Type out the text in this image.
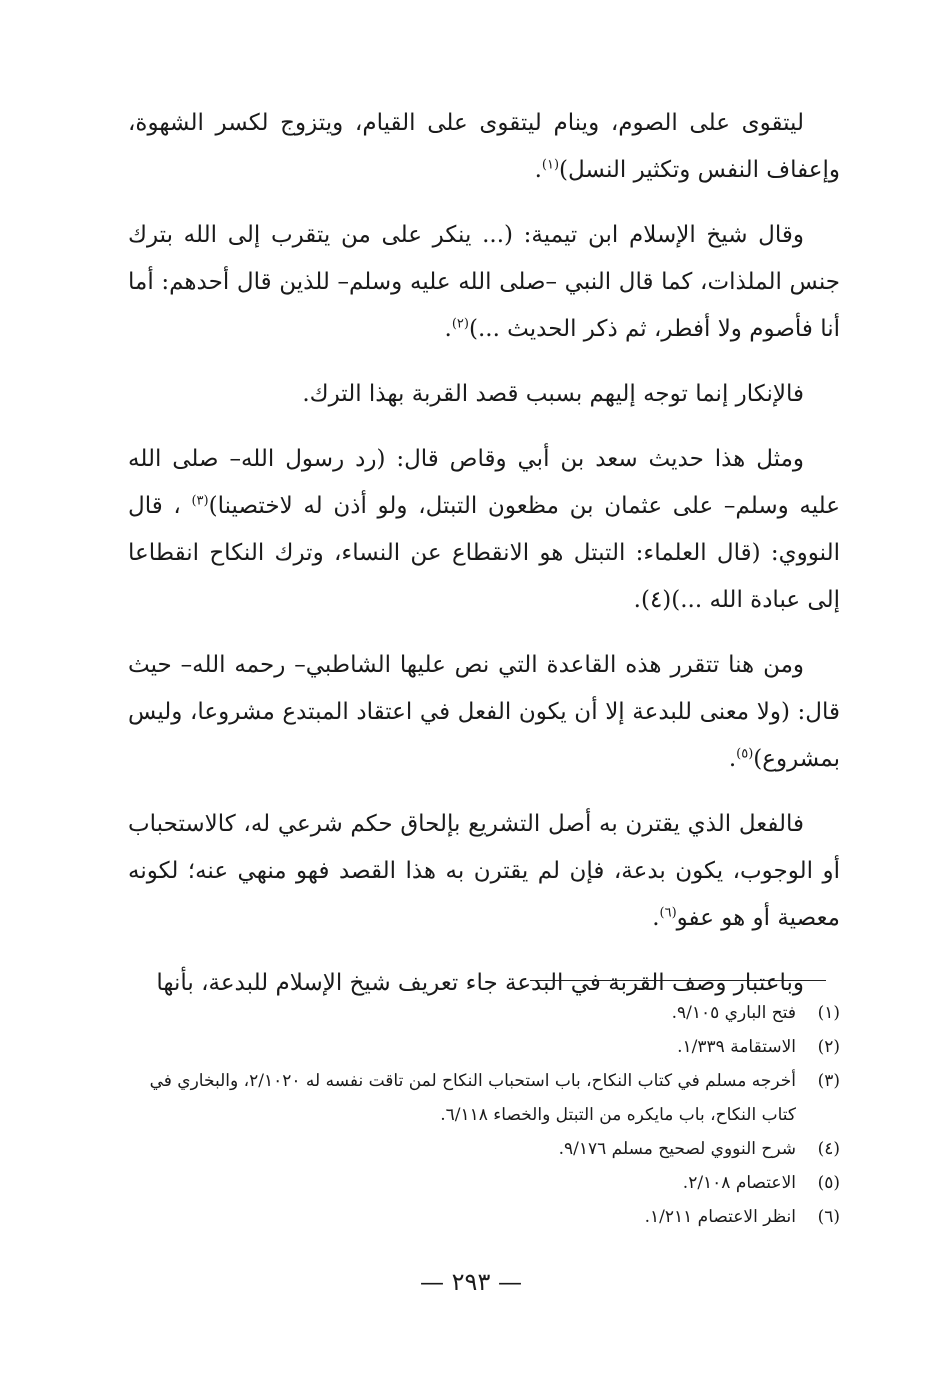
ليتقوى على الصوم، وينام ليتقوى على القيام، ويتزوج لكسر الشهوة، وإعفاف النفس وتكثير النسل)$^{(١)}$.

وقال شيخ الإسلام ابن تيمية: (... ينكر على من يتقرب إلى الله بترك جنس الملذات، كما قال النبي –صلى الله عليه وسلم– للذين قال أحدهم: أما أنا فأصوم ولا أفطر، ثم ذكر الحديث ...)$^{(٢)}$.

فالإنكار إنما توجه إليهم بسبب قصد القربة بهذا الترك.

ومثل هذا حديث سعد بن أبي وقاص قال: (رد رسول الله– صلى الله عليه وسلم– على عثمان بن مظعون التبتل، ولو أذن له لاختصينا)$^{(٣)}$ ، قال النووي: (قال العلماء: التبتل هو الانقطاع عن النساء، وترك النكاح انقطاعا إلى عبادة الله ...)(٤).

ومن هنا تتقرر هذه القاعدة التي نص عليها الشاطبي– رحمه الله– حيث قال: (ولا معنى للبدعة إلا أن يكون الفعل في اعتقاد المبتدع مشروعا، وليس بمشروع)$^{(٥)}$.

فالفعل الذي يقترن به أصل التشريع بإلحاق حكم شرعي له، كالاستحباب أو الوجوب، يكون بدعة، فإن لم يقترن به هذا القصد فهو منهي عنه؛ لكونه معصية أو هو عفو$^{(٦)}$.

وباعتبار وصف القربة في البدعة جاء تعريف شيخ الإسلام للبدعة، بأنها

(١)
فتح الباري ٩/١٠٥.
(٢)
الاستقامة ١/٣٣٩.
(٣)
أخرجه مسلم في كتاب النكاح، باب استحباب النكاح لمن تاقت نفسه له ٢/١٠٢٠، والبخاري في كتاب النكاح، باب مايكره من التبتل والخصاء ٦/١١٨.
(٤)
شرح النووي لصحيح مسلم ٩/١٧٦.
(٥)
الاعتصام ٢/١٠٨.
(٦)
انظر الاعتصام ١/٢١١.
— ٢٩٣ —
